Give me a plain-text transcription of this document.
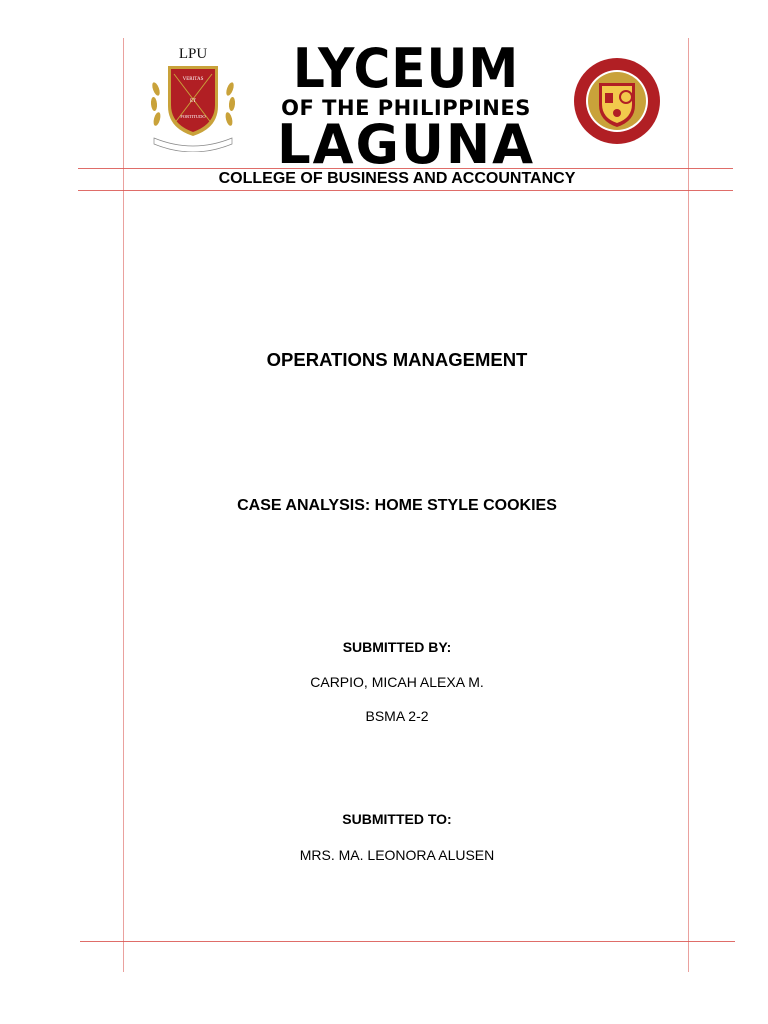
LPU
VERITAS
ET
FORTITUDO
LYCEUM
OF THE PHILIPPINES
LAGUNA
COLLEGE OF BUSINESS AND ACCOUNTANCY
OPERATIONS MANAGEMENT
CASE ANALYSIS: HOME STYLE COOKIES
SUBMITTED BY:
CARPIO, MICAH ALEXA M.
BSMA 2-2
SUBMITTED TO:
MRS. MA. LEONORA ALUSEN
